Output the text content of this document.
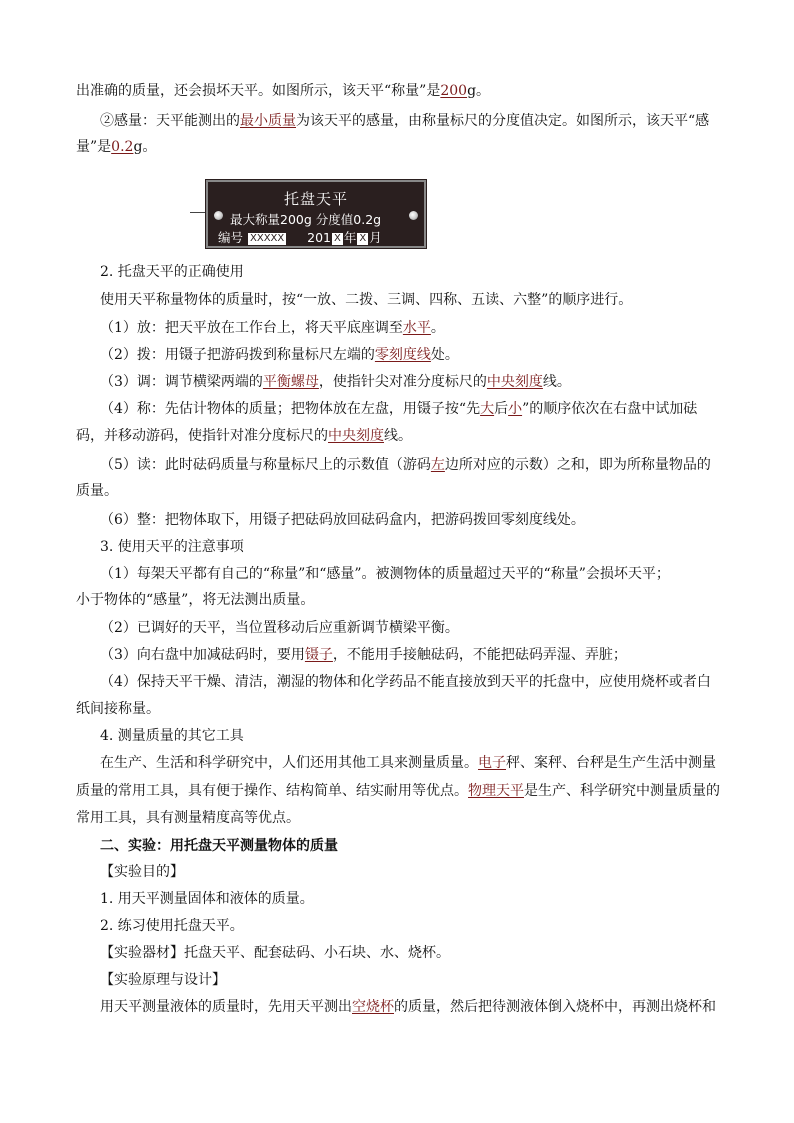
出准确的质量，还会损坏天平。如图所示，该天平“称量”是200g。

②感量：天平能测出的最小质量为该天平的感量，由称量标尺的分度值决定。如图所示，该天平“感

量”是0.2g。

托盘天平
最大称量200g 分度值0.2g
编号 XXXXX 201 X 年 X 月

2. 托盘天平的正确使用

使用天平称量物体的质量时，按“一放、二拨、三调、四称、五读、六整”的顺序进行。

（1）放：把天平放在工作台上，将天平底座调至水平。

（2）拨：用镊子把游码拨到称量标尺左端的零刻度线处。

（3）调：调节横梁两端的平衡螺母，使指针尖对准分度标尺的中央刻度线。

（4）称：先估计物体的质量；把物体放在左盘，用镊子按“先大后小”的顺序依次在右盘中试加砝

码，并移动游码，使指针对准分度标尺的中央刻度线。

（5）读：此时砝码质量与称量标尺上的示数值（游码左边所对应的示数）之和，即为所称量物品的

质量。

（6）整：把物体取下，用镊子把砝码放回砝码盒内，把游码拨回零刻度线处。

3. 使用天平的注意事项

（1）每架天平都有自己的“称量”和“感量”。被测物体的质量超过天平的“称量”会损坏天平；

小于物体的“感量”，将无法测出质量。

（2）已调好的天平，当位置移动后应重新调节横梁平衡。

（3）向右盘中加减砝码时，要用镊子，不能用手接触砝码，不能把砝码弄湿、弄脏；

（4）保持天平干燥、清洁，潮湿的物体和化学药品不能直接放到天平的托盘中，应使用烧杯或者白

纸间接称量。

4. 测量质量的其它工具

在生产、生活和科学研究中，人们还用其他工具来测量质量。电子秤、案秤、台秤是生产生活中测量

质量的常用工具，具有便于操作、结构简单、结实耐用等优点。物理天平是生产、科学研究中测量质量的

常用工具，具有测量精度高等优点。

二、实验：用托盘天平测量物体的质量

【实验目的】

1. 用天平测量固体和液体的质量。

2. 练习使用托盘天平。

【实验器材】托盘天平、配套砝码、小石块、水、烧杯。

【实验原理与设计】

用天平测量液体的质量时，先用天平测出空烧杯的质量，然后把待测液体倒入烧杯中，再测出烧杯和
